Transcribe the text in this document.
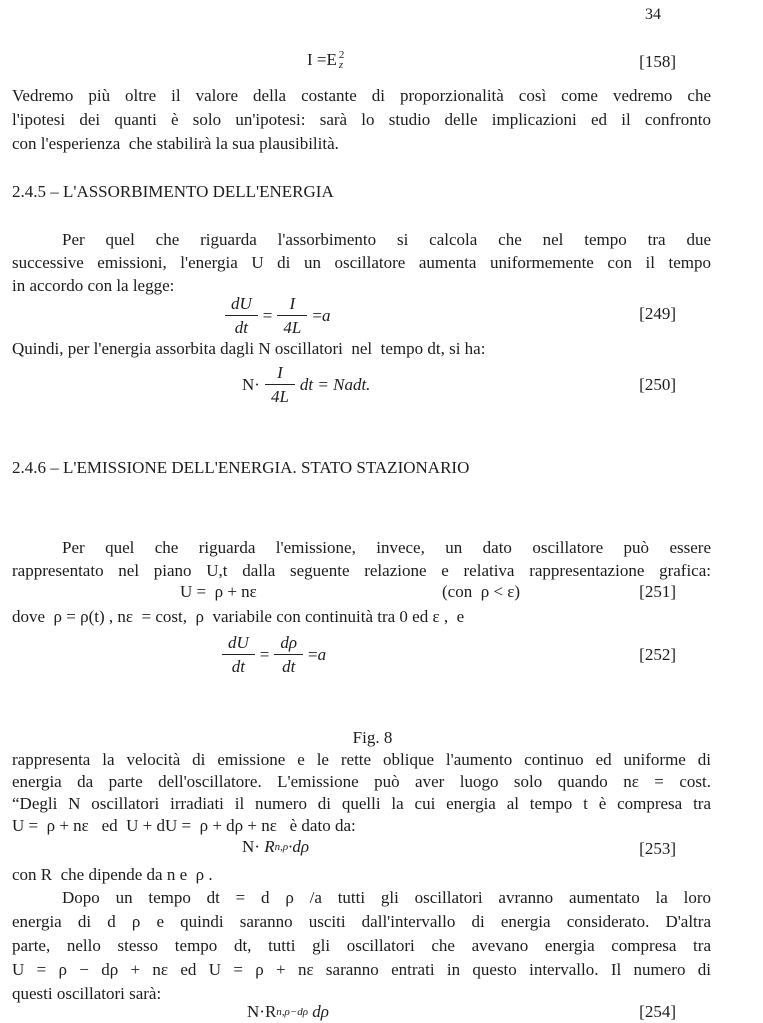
34
I =E 2
z	[158]
Vedremo più oltre il valore della costante di proporzionalità così come vedremo che
l'ipotesi dei quanti è solo un'ipotesi: sarà lo studio delle implicazioni ed il confronto
con l'esperienza  che stabilirà la sua plausibilità.
2.4.5 – L'ASSORBIMENTO DELL'ENERGIA
Per quel che riguarda l'assorbimento si calcola che nel tempo tra due
successive emissioni, l'energia U di un oscillatore aumenta uniformemente con il tempo
in accordo con la legge:
$\frac{dU}{dt} = \frac{I}{4L} = a$	[249]
Quindi, per l'energia assorbita dagli N oscillatori  nel  tempo dt, si ha:
$N\cdot \frac{I}{4L}$ dt = Nadt.	[250]
2.4.6 – L'EMISSIONE DELL'ENERGIA. STATO STAZIONARIO
Per quel che riguarda l'emissione, invece, un dato oscillatore può essere
rappresentato nel piano U,t dalla seguente relazione e relativa rappresentazione grafica:
U =  ρ + nε	(con  ρ < ε)	[251]
dove  ρ = ρ(t) , nε  = cost,  ρ  variabile con continuità tra 0 ed ε ,  e
$\frac{dU}{dt} = \frac{d\rho}{dt} = a$	[252]
Fig. 8
rappresenta la velocità di emissione e le rette oblique l'aumento continuo ed uniforme di
energia da parte dell'oscillatore. L'emissione può aver luogo solo quando nε = cost.
“Degli N oscillatori irradiati il numero di quelli la cui energia al tempo t è compresa tra
U =  ρ + nε   ed  U + dU =  ρ + dρ + nε   è dato da:
N· R n,ρ ·dρ	[253]
con R  che dipende da n e  ρ .
Dopo un tempo dt = d ρ /a tutti gli oscillatori avranno aumentato la loro
energia di d ρ e quindi saranno usciti dall'intervallo di energia considerato. D'altra
parte, nello stesso tempo dt, tutti gli oscillatori che avevano energia compresa tra
U = ρ − dρ + nε ed U = ρ + nε saranno entrati in questo intervallo. Il numero di
questi oscillatori sarà:
N·R n,ρ−dρ dρ	[254]
